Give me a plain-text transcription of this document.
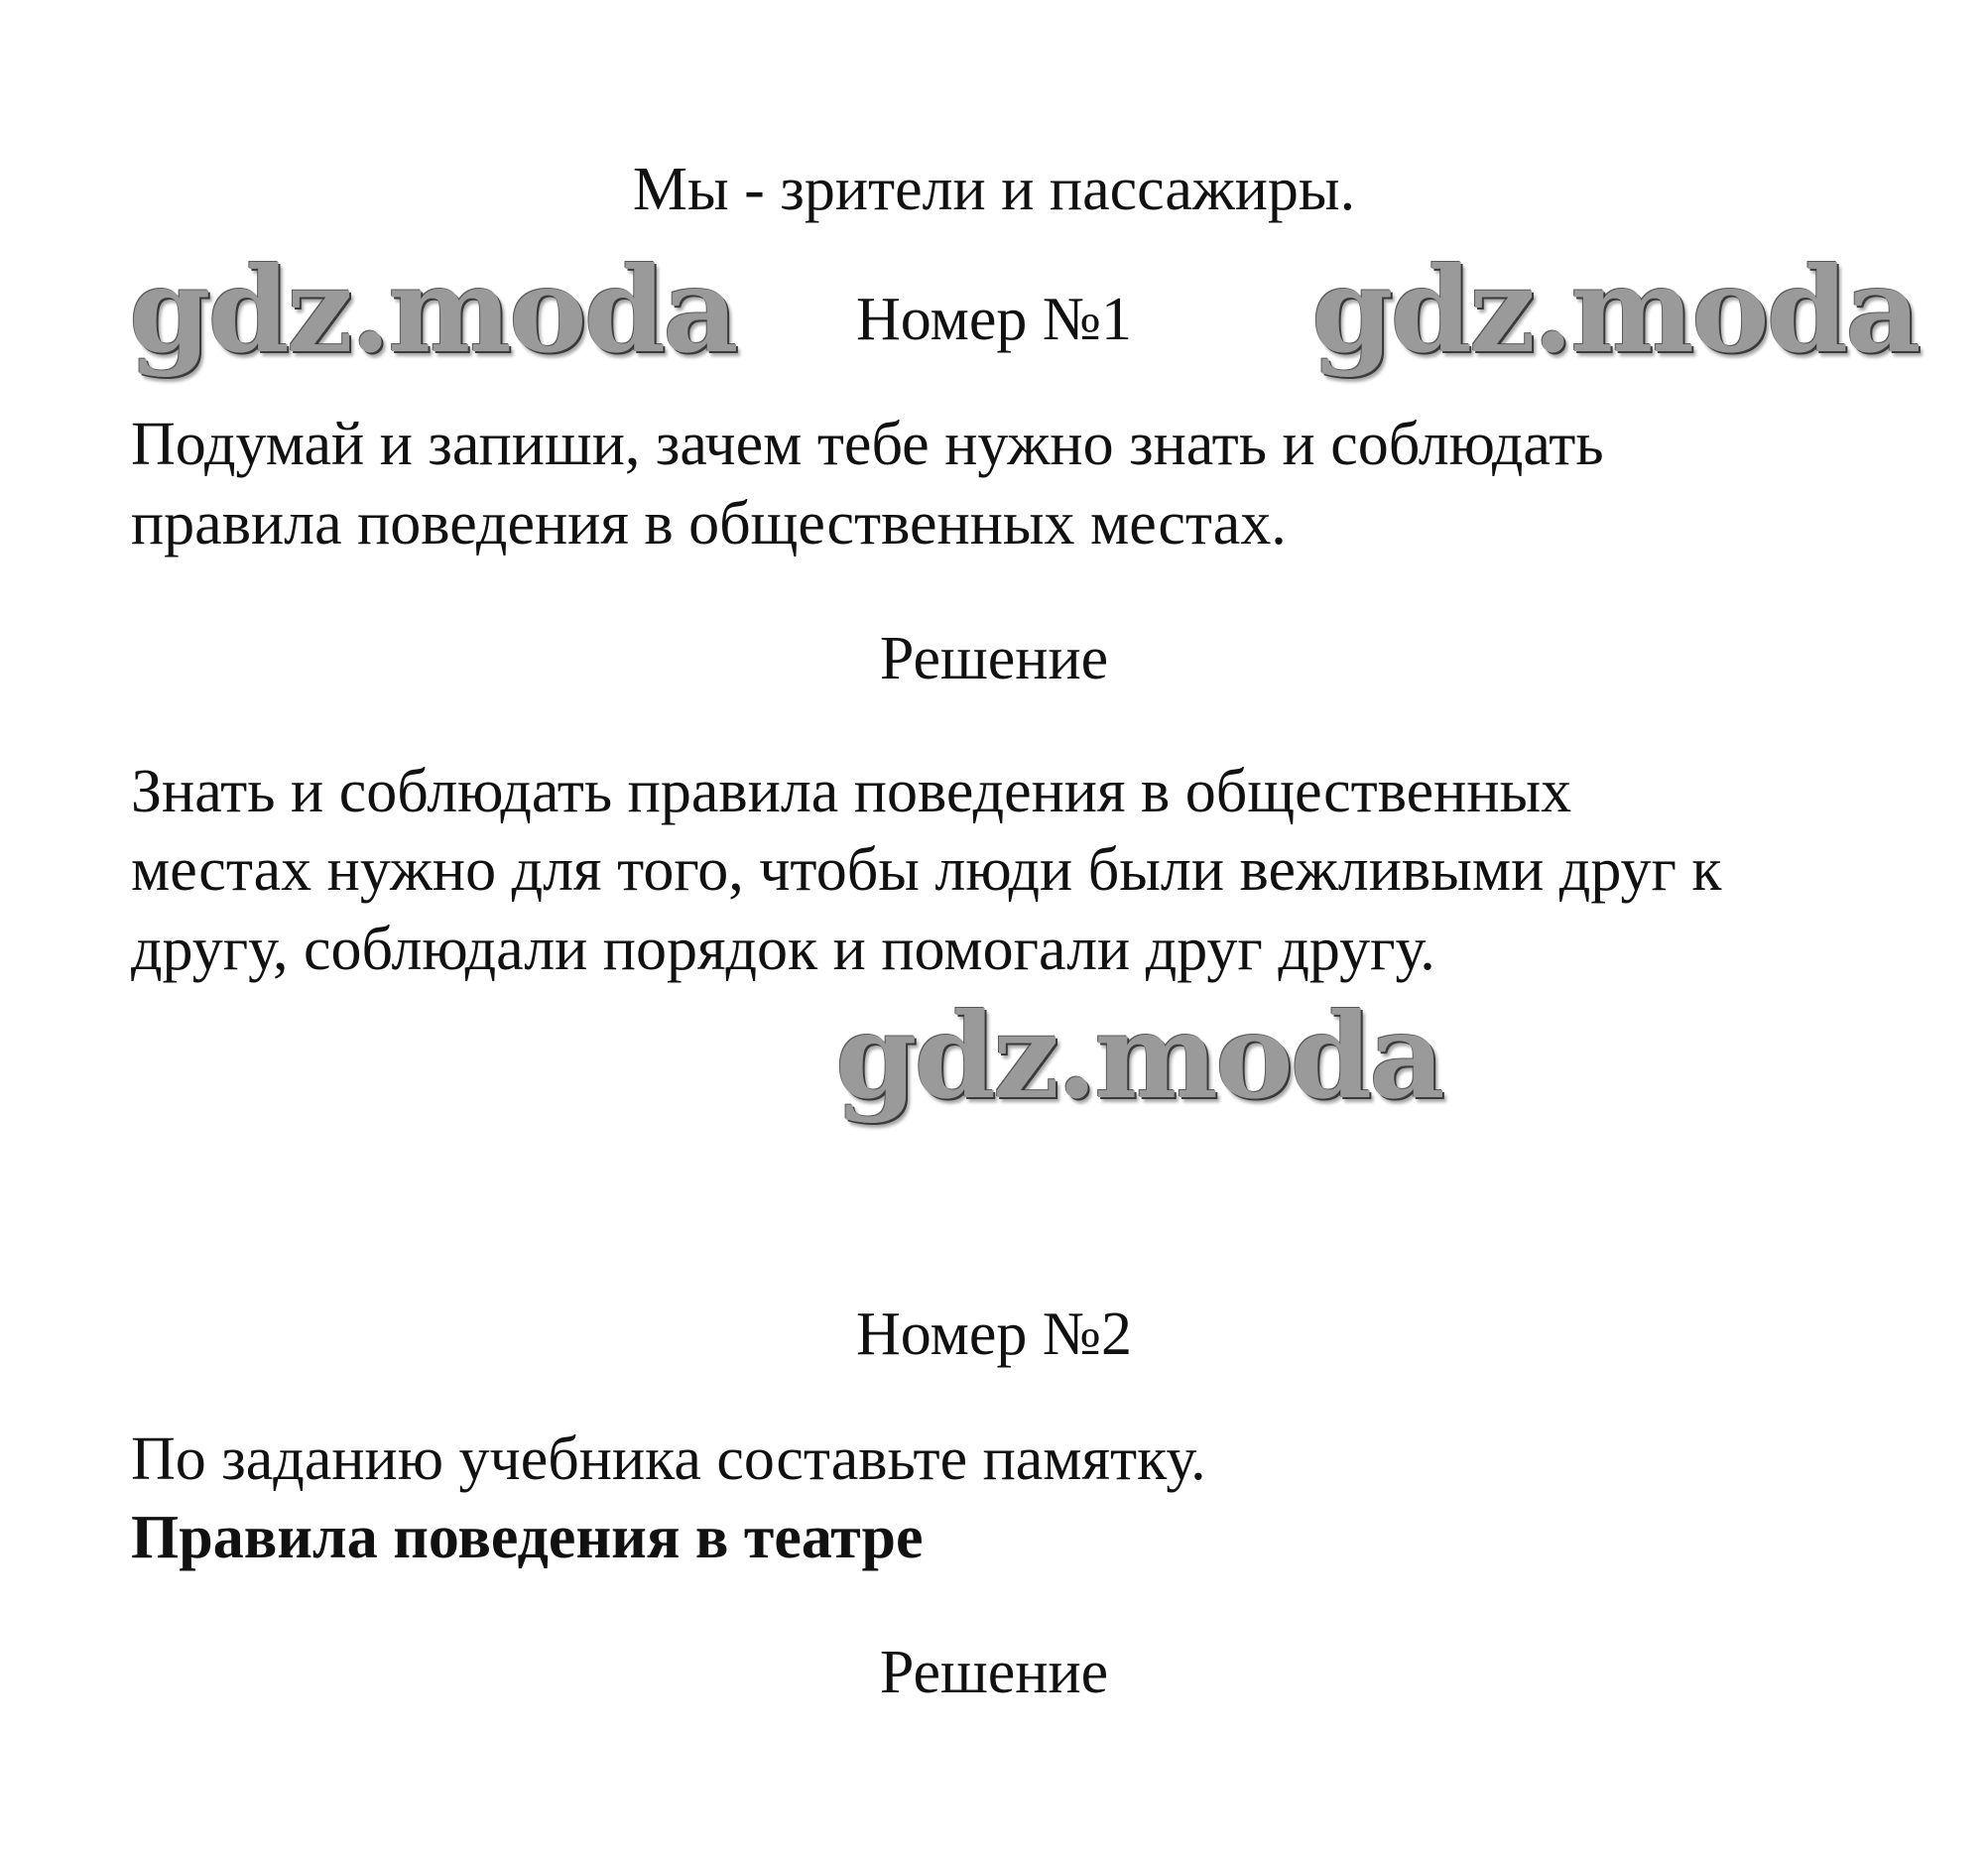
Мы - зрители и пассажиры.
gdz.moda	Номер №1	gdz.moda
Подумай и запиши, зачем тебе нужно знать и соблюдать
правила поведения в общественных местах.
Решение
Знать и соблюдать правила поведения в общественных
местах нужно для того, чтобы люди были вежливыми друг к
другу, соблюдали порядок и помогали друг другу.
gdz.moda
Номер №2
По заданию учебника составьте памятку.
Правила поведения в театре
Решение
